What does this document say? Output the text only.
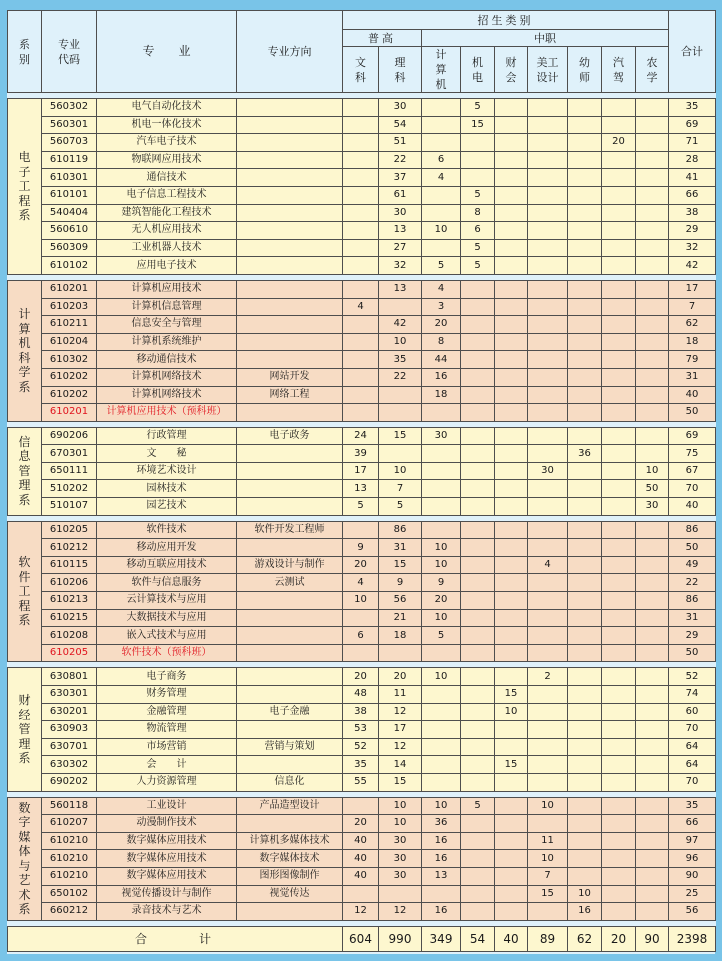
系别	专业代码	专　　业	专业方向	招生类别									合计
				普高		中职							
				文科	理科	计算机	机电	财会	美工设计	幼师	汽驾	农学	

电子工程系	560302	电气自动化技术			30		5						35
	560301	机电一体化技术			54		15						69
	560703	汽车电子技术			51						20		71
	610119	物联网应用技术			22	6							28
	610301	通信技术			37	4							41
	610101	电子信息工程技术			61		5						66
	540404	建筑智能化工程技术			30		8						38
	560610	无人机应用技术			13	10	6						29
	560309	工业机器人技术			27		5						32
	610102	应用电子技术			32	5	5						42

计算机科学系	610201	计算机应用技术			13	4							17
	610203	计算机信息管理		4		3							7
	610211	信息安全与管理			42	20							62
	610204	计算机系统维护			10	8							18
	610302	移动通信技术			35	44							79
	610202	计算机网络技术	网站开发		22	16							31
	610202	计算机网络技术	网络工程			18							40
	610201	计算机应用技术（预科班）											50

信息管理系	690206	行政管理	电子政务	24	15	30							69
	670301	文　　秘		39						36			75
	650111	环境艺术设计		17	10				30			10	67
	510202	园林技术		13	7							50	70
	510107	园艺技术		5	5							30	40

软件工程系	610205	软件技术	软件开发工程师		86								86
	610212	移动应用开发		9	31	10							50
	610115	移动互联应用技术	游戏设计与制作	20	15	10			4				49
	610206	软件与信息服务	云测试	4	9	9							22
	610213	云计算技术与应用		10	56	20							86
	610215	大数据技术与应用			21	10							31
	610208	嵌入式技术与应用		6	18	5							29
	610205	软件技术（预科班）											50

财经管理系	630801	电子商务		20	20	10			2				52
	630301	财务管理		48	11			15					74
	630201	金融管理	电子金融	38	12			10					60
	630903	物流管理		53	17								70
	630701	市场营销	营销与策划	52	12								64
	630302	会　　计		35	14			15					64
	690202	人力资源管理	信息化	55	15								70

数字媒体与艺术系	560118	工业设计	产品造型设计		10	10	5		10				35
	610207	动漫制作技术		20	10	36							66
	610210	数字媒体应用技术	计算机多媒体技术	40	30	16			11				97
	610210	数字媒体应用技术	数字媒体技术	40	30	16			10				96
	610210	数字媒体应用技术	图形图像制作	40	30	13			7				90
	650102	视觉传播设计与制作	视觉传达						15	10			25
	660212	录音技术与艺术		12	12	16				16			56

合　　　计				604	990	349	54	40	89	62	20	90	2398
